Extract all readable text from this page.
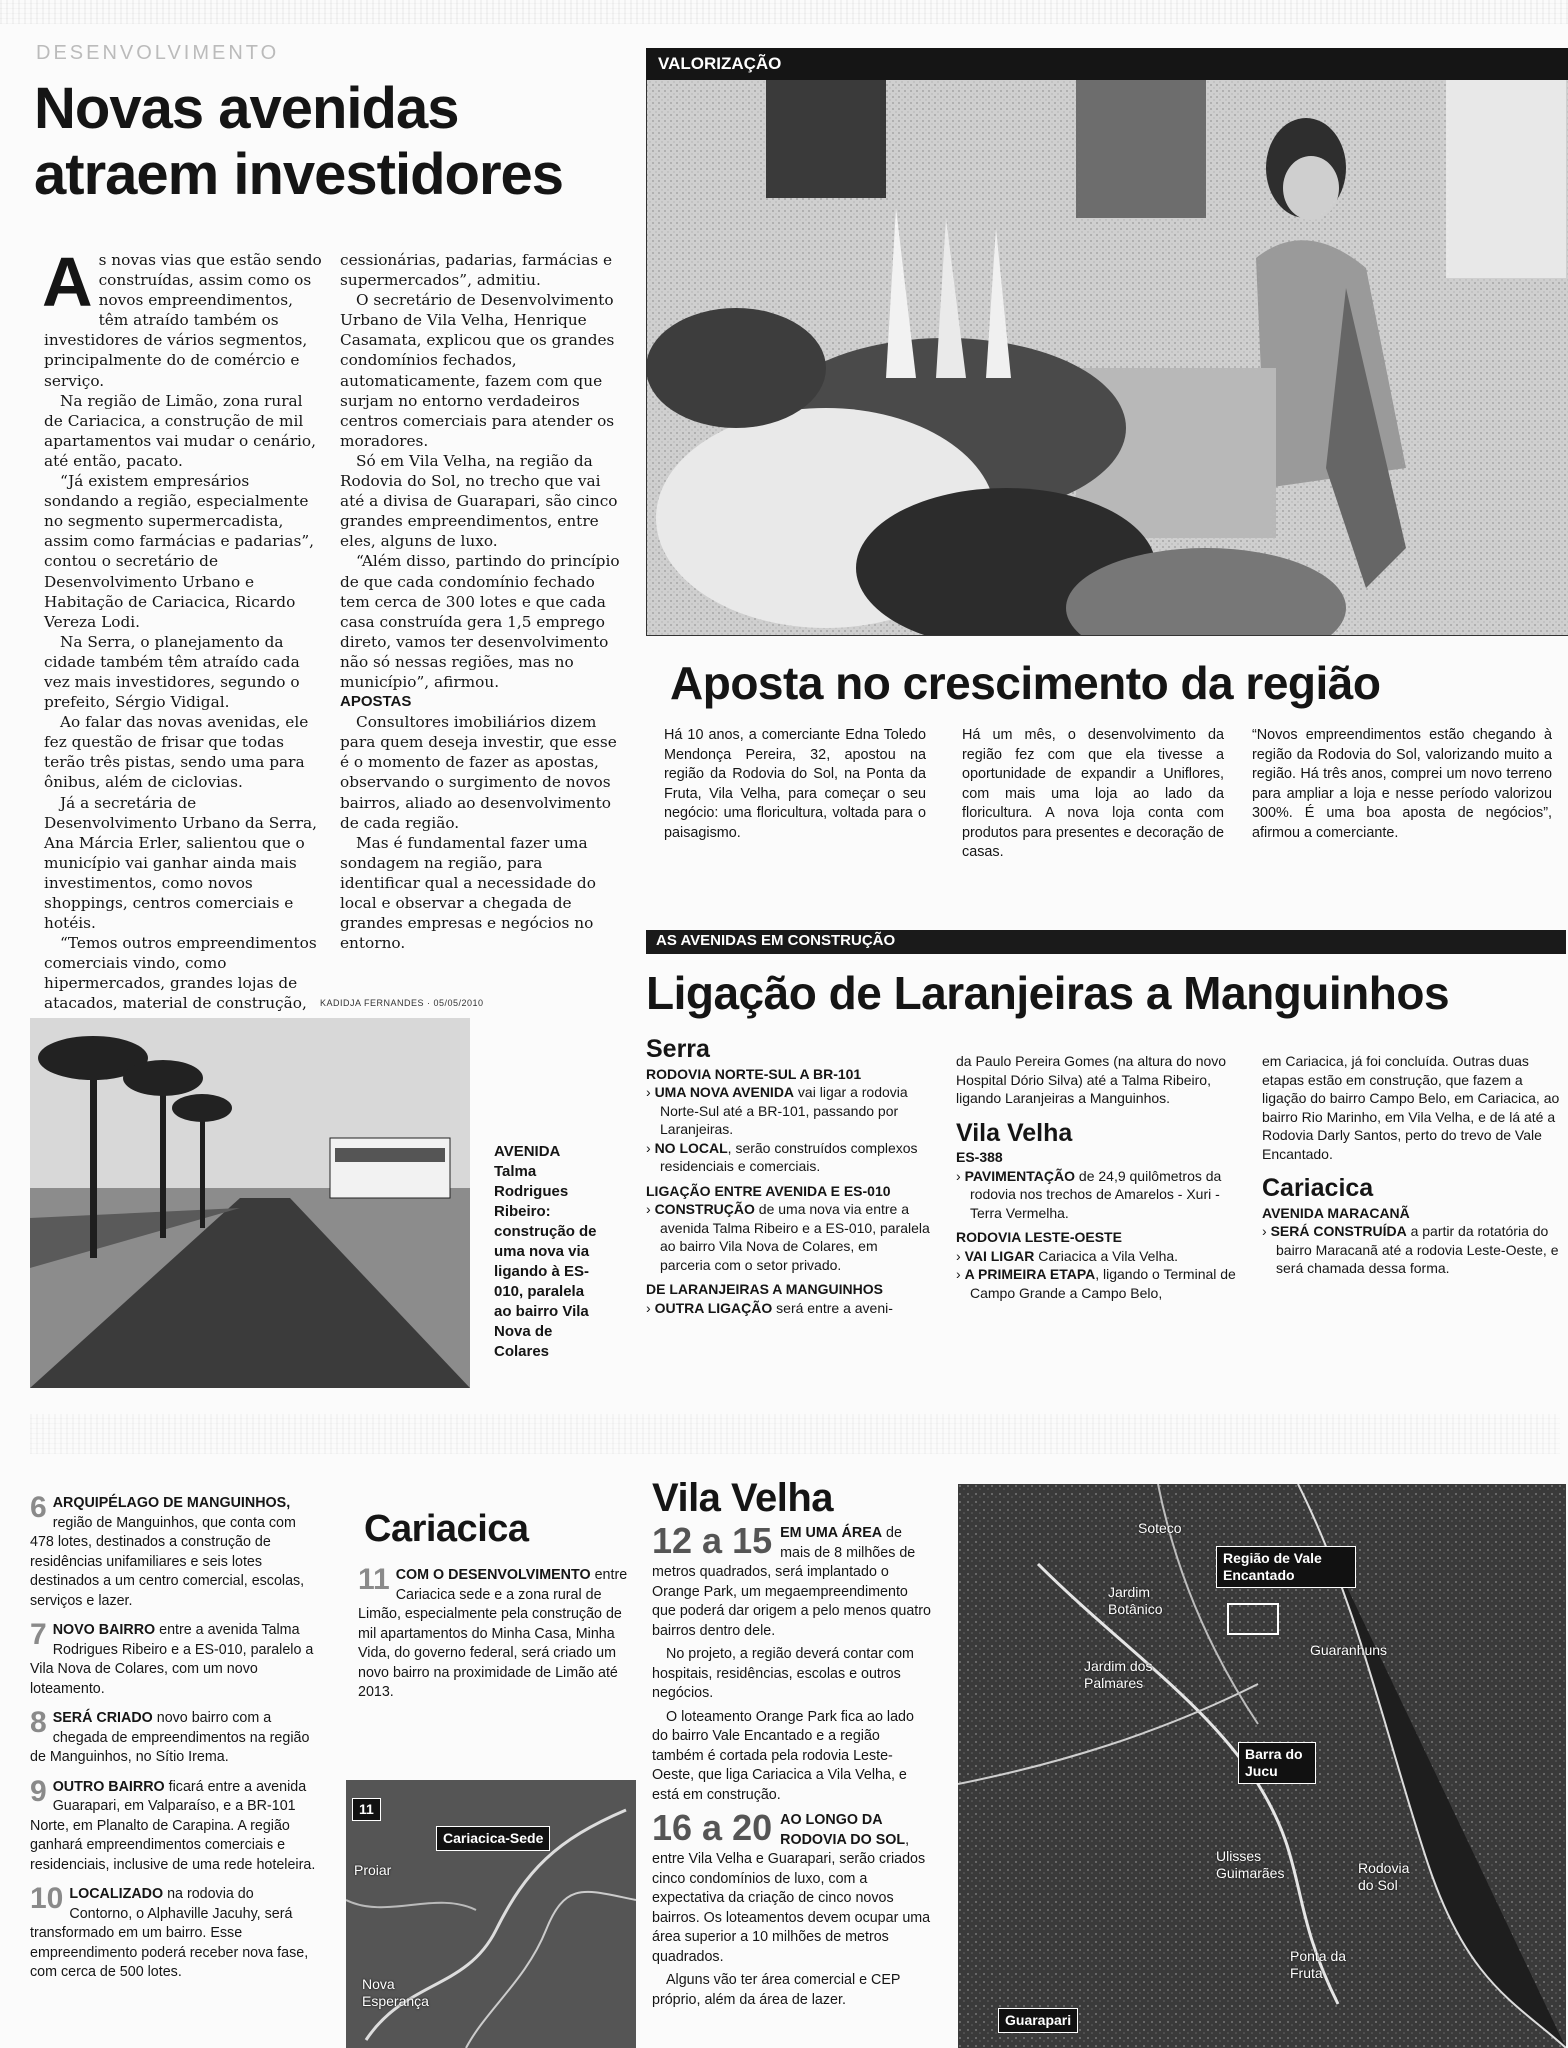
DESENVOLVIMENTO
Novas avenidas
atraem investidores

As novas vias que estão sendo construídas, assim como os novos empreendimentos, têm atraído também os investidores de vários segmentos, principalmente do de comércio e serviço.

Na região de Limão, zona rural de Cariacica, a construção de mil apartamentos vai mudar o cenário, até então, pacato.

“Já existem empresários sondando a região, especialmente no segmento supermercadista, assim como farmácias e padarias”, contou o secretário de Desenvolvimento Urbano e Habitação de Cariacica, Ricardo Vereza Lodi.

Na Serra, o planejamento da cidade também têm atraído cada vez mais investidores, segundo o prefeito, Sérgio Vidigal.

Ao falar das novas avenidas, ele fez questão de frisar que todas terão três pistas, sendo uma para ônibus, além de ciclovias.

Já a secretária de Desenvolvimento Urbano da Serra, Ana Márcia Erler, salientou que o município vai ganhar ainda mais investimentos, como novos shoppings, centros comerciais e hotéis.

“Temos outros empreendimentos comerciais vindo, como hipermercados, grandes lojas de atacados, material de construção,

cessionárias, padarias, farmácias e supermercados”, admitiu.

O secretário de Desenvolvimento Urbano de Vila Velha, Henrique Casamata, explicou que os grandes condomínios fechados, automaticamente, fazem com que surjam no entorno verdadeiros centros comerciais para atender os moradores.

Só em Vila Velha, na região da Rodovia do Sol, no trecho que vai até a divisa de Guarapari, são cinco grandes empreendimentos, entre eles, alguns de luxo.

“Além disso, partindo do princípio de que cada condomínio fechado tem cerca de 300 lotes e que cada casa construída gera 1,5 emprego direto, vamos ter desenvolvimento não só nessas regiões, mas no município”, afirmou.

APOSTAS

Consultores imobiliários dizem para quem deseja investir, que esse é o momento de fazer as apostas, observando o surgimento de novos bairros, aliado ao desenvolvimento de cada região.

Mas é fundamental fazer uma sondagem na região, para identificar qual a necessidade do local e observar a chegada de grandes empresas e negócios no entorno.

KADIDJA FERNANDES · 05/05/2010
VALORIZAÇÃO
Aposta no crescimento da região
Há 10 anos, a comerciante Edna Toledo Mendonça Pereira, 32, apostou na região da Rodovia do Sol, na Ponta da Fruta, Vila Velha, para começar o seu negócio: uma floricultura, voltada para o paisagismo.
Há um mês, o desenvolvimento da região fez com que ela tivesse a oportunidade de expandir a Uniflores, com mais uma loja ao lado da floricultura. A nova loja conta com produtos para presentes e decoração de casas.
“Novos empreendimentos estão chegando à região da Rodovia do Sol, valorizando muito a região. Há três anos, comprei um novo terreno para ampliar a loja e nesse período valorizou 300%. É uma boa aposta de negócios”, afirmou a comerciante.
AS AVENIDAS EM CONSTRUÇÃO
Ligação de Laranjeiras a Manguinhos
Serra
RODOVIA NORTE-SUL A BR-101
› UMA NOVA AVENIDA vai ligar a rodovia Norte-Sul até a BR-101, passando por Laranjeiras.
› NO LOCAL, serão construídos complexos residenciais e comerciais.
LIGAÇÃO ENTRE AVENIDA E ES-010
› CONSTRUÇÃO de uma nova via entre a avenida Talma Ribeiro e a ES-010, paralela ao bairro Vila Nova de Colares, em parceria com o setor privado.
DE LARANJEIRAS A MANGUINHOS
› OUTRA LIGAÇÃO será entre a aveni-
da Paulo Pereira Gomes (na altura do novo Hospital Dório Silva) até a Talma Ribeiro, ligando Laranjeiras a Manguinhos.
Vila Velha
ES-388
› PAVIMENTAÇÃO de 24,9 quilômetros da rodovia nos trechos de Amarelos - Xuri - Terra Vermelha.
RODOVIA LESTE-OESTE
› VAI LIGAR Cariacica a Vila Velha.
› A PRIMEIRA ETAPA, ligando o Terminal de Campo Grande a Campo Belo,
em Cariacica, já foi concluída. Outras duas etapas estão em construção, que fazem a ligação do bairro Campo Belo, em Cariacica, ao bairro Rio Marinho, em Vila Velha, e de lá até a Rodovia Darly Santos, perto do trevo de Vale Encantado.
Cariacica
AVENIDA MARACANÃ
› SERÁ CONSTRUÍDA a partir da rotatória do bairro Maracanã até a rodovia Leste-Oeste, e será chamada dessa forma.
AVENIDA
Talma Rodrigues Ribeiro: construção de uma nova via ligando à ES-010, paralela ao bairro Vila Nova de Colares
6 ARQUIPÉLAGO DE MANGUINHOS, região de Manguinhos, que conta com 478 lotes, destinados a construção de residências unifamiliares e seis lotes destinados a um centro comercial, escolas, serviços e lazer.
7 NOVO BAIRRO entre a avenida Talma Rodrigues Ribeiro e a ES-010, paralelo a Vila Nova de Colares, com um novo loteamento.
8 SERÁ CRIADO novo bairro com a chegada de empreendimentos na região de Manguinhos, no Sítio Irema.
9 OUTRO BAIRRO ficará entre a avenida Guarapari, em Valparaíso, e a BR-101 Norte, em Planalto de Carapina. A região ganhará empreendimentos comerciais e residenciais, inclusive de uma rede hoteleira.
10 LOCALIZADO na rodovia do Contorno, o Alphaville Jacuhy, será transformado em um bairro. Esse empreendimento poderá receber nova fase, com cerca de 500 lotes.
Cariacica
11 COM O DESENVOLVIMENTO entre Cariacica sede e a zona rural de Limão, especialmente pela construção de mil apartamentos do Minha Casa, Minha Vida, do governo federal, será criado um novo bairro na proximidade de Limão até 2013.
11
Cariacica-Sede
Proiar
Nova Esperança
Vila Velha
12 a 15 EM UMA ÁREA de mais de 8 milhões de metros quadrados, será implantado o Orange Park, um megaempreendimento que poderá dar origem a pelo menos quatro bairros dentro dele.
No projeto, a região deverá contar com hospitais, residências, escolas e outros negócios.
O loteamento Orange Park fica ao lado do bairro Vale Encantado e a região também é cortada pela rodovia Leste-Oeste, que liga Cariacica a Vila Velha, e está em construção.
16 a 20 AO LONGO DA RODOVIA DO SOL, entre Vila Velha e Guarapari, serão criados cinco condomínios de luxo, com a expectativa da criação de cinco novos bairros. Os loteamentos devem ocupar uma área superior a 10 milhões de metros quadrados.
Alguns vão ter área comercial e CEP próprio, além da área de lazer.
Região de Vale Encantado
Barra do Jucu
Guarapari
Jardim Botânico
Jardim dos Palmares
Guaranhuns
Ulisses Guimarães	Rodovia do Sol
Ponta da Fruta
Soteco
